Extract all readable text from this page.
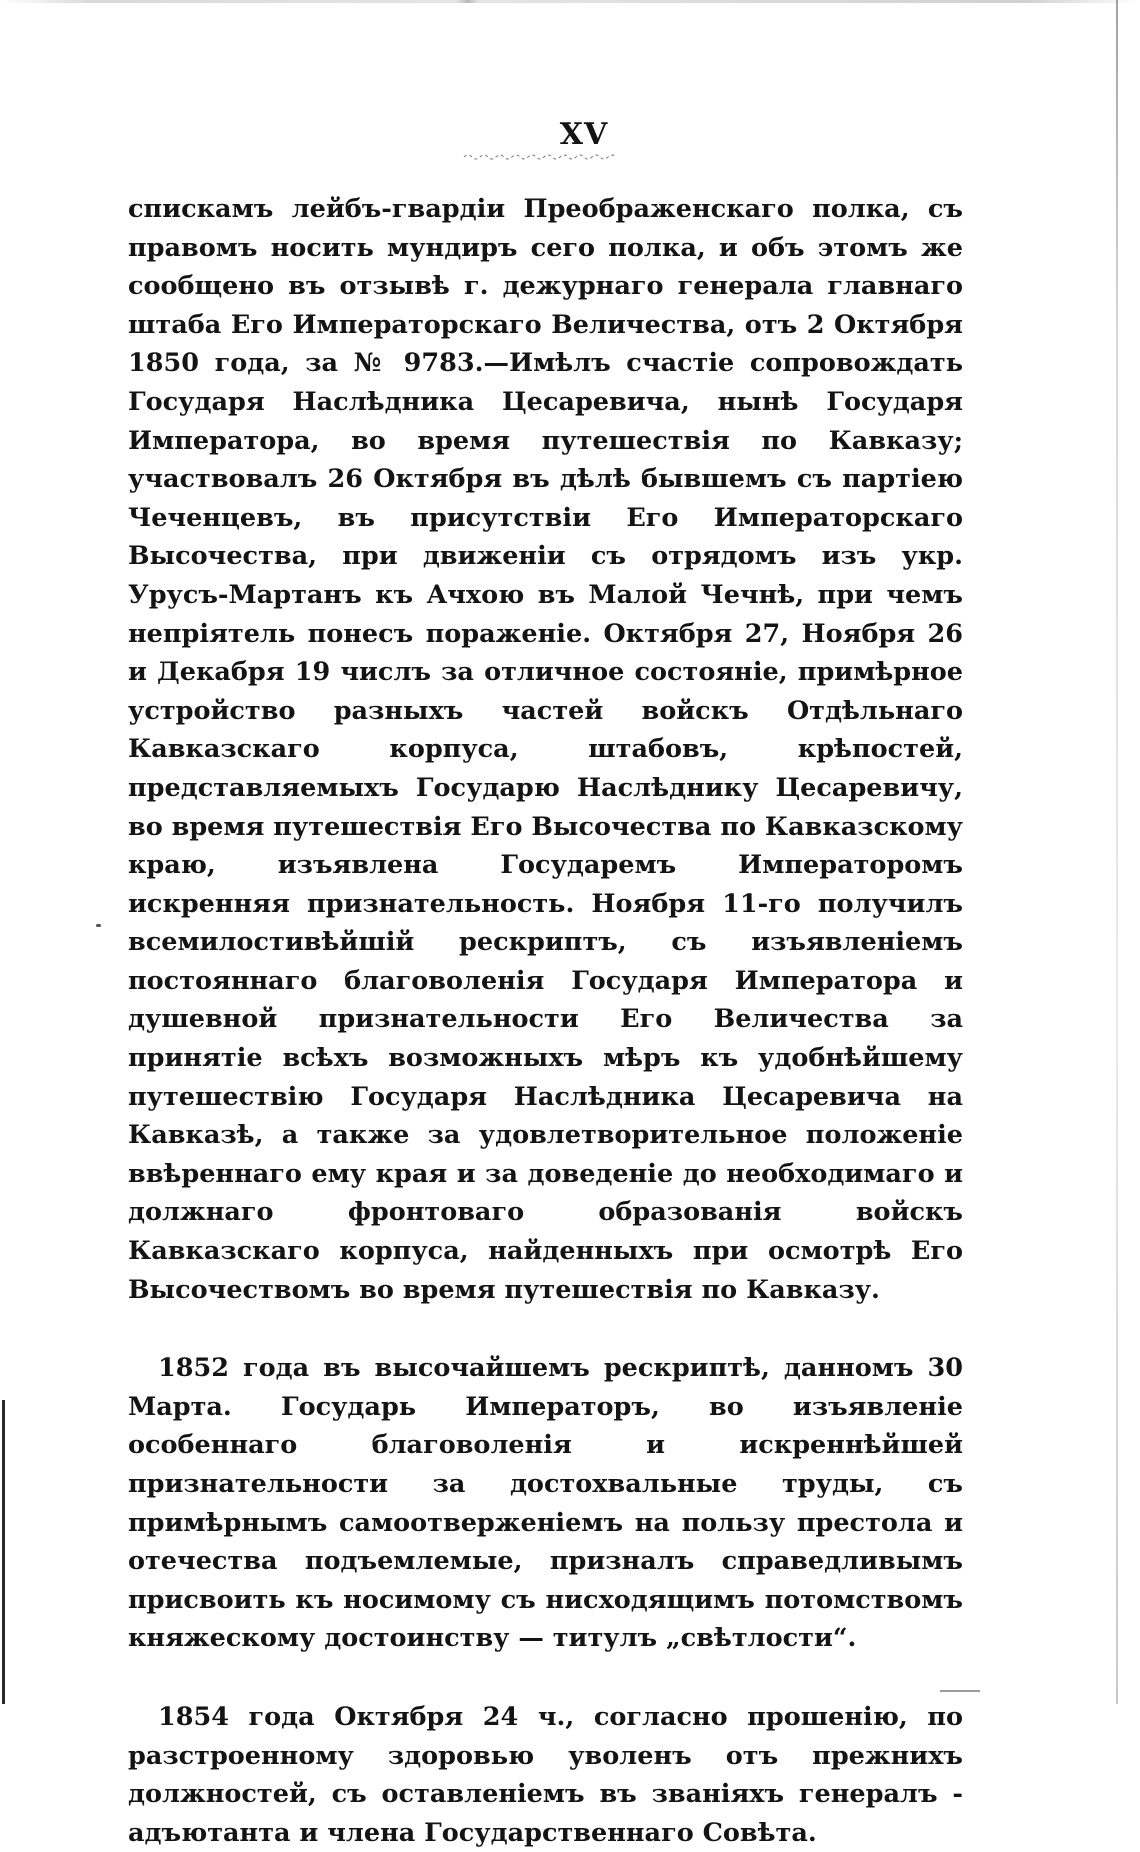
XV

спискамъ лейбъ-гвардіи Преображенскаго полка, съ правомъ носить мундиръ сего полка, и объ этомъ же сообщено въ отзывѣ г. дежурнаго генерала главнаго штаба Его Императорскаго Величества, отъ 2 Октября 1850 года, за № 9783.—Имѣлъ счастіе сопровождать Государя Наслѣдника Цесаревича, нынѣ Государя Императора, во время путешествія по Кавказу; участвовалъ 26 Октября въ дѣлѣ бывшемъ съ партіею Чеченцевъ, въ присутствіи Его Императорскаго Высочества, при движеніи съ отрядомъ изъ укр. Урусъ-Мартанъ къ Ачхою въ Малой Чечнѣ, при чемъ непріятель понесъ пораженіе. Октября 27, Ноября 26 и Декабря 19 числъ за отличное состояніе, примѣрное устройство разныхъ частей войскъ Отдѣльнаго Кавказскаго корпуса, штабовъ, крѣпостей, представляемыхъ Государю Наслѣднику Цесаревичу, во время путешествія Его Высочества по Кавказскому краю, изъявлена Государемъ Императоромъ искренняя признательность. Ноября 11-го получилъ всемилостивѣйшій рескриптъ, съ изъявленіемъ постояннаго благоволенія Государя Императора и душевной признательности Его Величества за принятіе всѣхъ возможныхъ мѣръ къ удобнѣйшему путешествію Государя Наслѣдника Цесаревича на Кавказѣ, а также за удовлетворительное положеніе ввѣреннаго ему края и за доведеніе до необходимаго и должнаго фронтоваго образованія войскъ Кавказскаго корпуса, найденныхъ при осмотрѣ Его Высочествомъ во время путешествія по Кавказу.

1852 года въ высочайшемъ рескриптѣ, данномъ 30 Марта. Государь Императоръ, во изъявленіе особеннаго благоволенія и искреннѣйшей признательности за достохвальные труды, съ примѣрнымъ самоотверженіемъ на пользу престола и отечества подъемлемые, призналъ справедливымъ присвоить къ носимому съ нисходящимъ потомствомъ княжескому достоинству — титулъ „свѣтлости“.

1854 года Октября 24 ч., согласно прошенію, по разстроенному здоровью уволенъ отъ прежнихъ должностей, съ оставленіемъ въ званіяхъ генералъ - адъютанта и члена Государственнаго Совѣта.
